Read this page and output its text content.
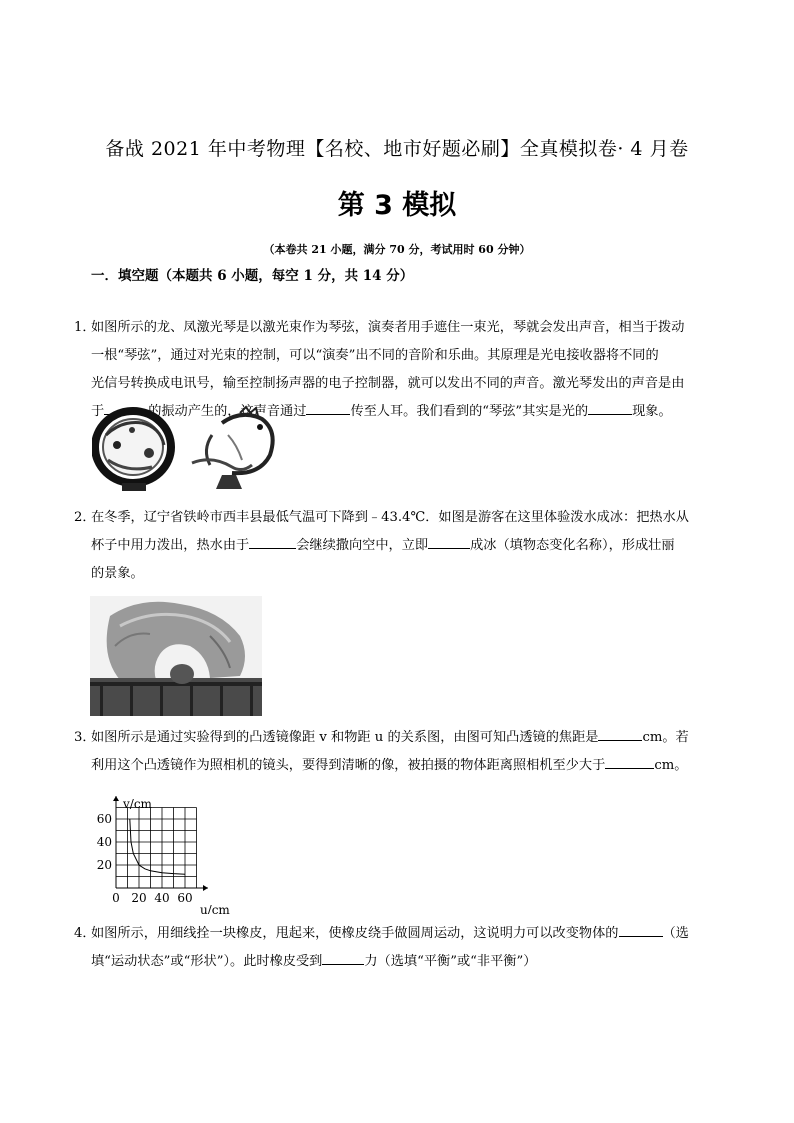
备战 2021 年中考物理【名校、地市好题必刷】全真模拟卷· 4 月卷
第 3 模拟
（本卷共 21 小题，满分 70 分，考试用时 60 分钟）
一．填空题（本题共 6 小题，每空 1 分，共 14 分）
1．如图所示的龙、凤激光琴是以激光束作为琴弦，演奏者用手遮住一束光，琴就会发出声音，相当于拨动
一根“琴弦”，通过对光束的控制，可以“演奏”出不同的音阶和乐曲。其原理是光电接收器将不同的
光信号转换成电讯号，输至控制扬声器的电子控制器，就可以发出不同的声音。激光琴发出的声音是由
于	的振动产生的，这声音通过	传至人耳。我们看到的“琴弦”其实是光的	现象。
2．在冬季，辽宁省铁岭市西丰县最低气温可下降到﹣43.4℃．如图是游客在这里体验泼水成冰：把热水从
杯子中用力泼出，热水由于	会继续撒向空中，立即	成冰（填物态变化名称），形成壮丽
的景象。
3．如图所示是通过实验得到的凸透镜像距 v 和物距 u 的关系图，由图可知凸透镜的焦距是	cm。若
利用这个凸透镜作为照相机的镜头，要得到清晰的像，被拍摄的物体距离照相机至少大于	cm。
0 20 40 60
20
40
60
u/cm
v/cm
4．如图所示，用细线拴一块橡皮，甩起来，使橡皮绕手做圆周运动，这说明力可以改变物体的	（选
填“运动状态”或“形状”）。此时橡皮受到	力（选填“平衡”或“非平衡”）
